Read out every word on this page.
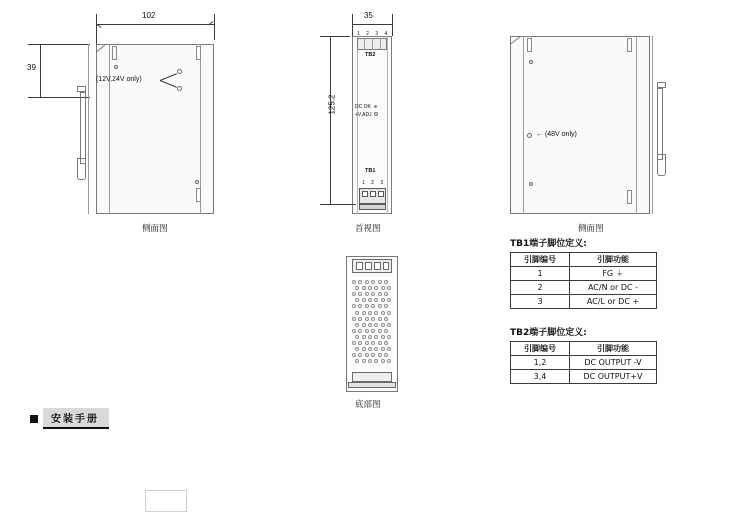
102
39
(12V,24V only)
侧面图
35
1 2 3 4
TB2
DC OK
+V.ADJ
TB1
1 2 3
125.2
首视图
← (48V only)
侧面图
底部图
TB1端子脚位定义:
引脚编号	引脚功能
1	FG ⏚
2	AC/N or DC -
3	AC/L or DC +
TB2端子脚位定义:
引脚编号	引脚功能
1,2	DC OUTPUT -V
3,4	DC OUTPUT+V
安装手册
